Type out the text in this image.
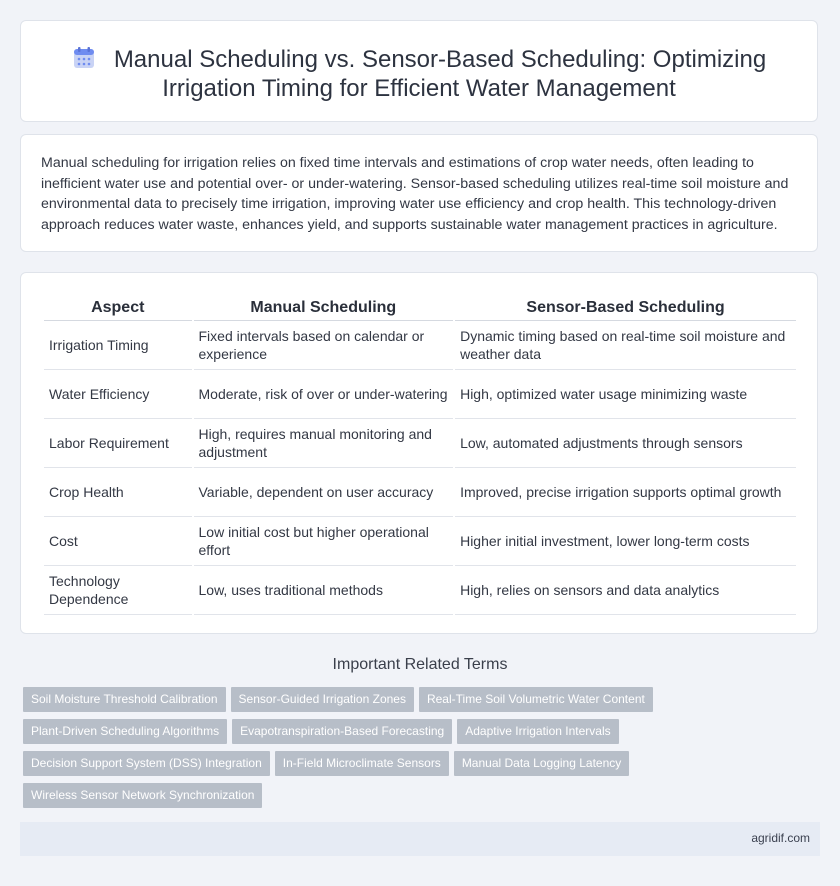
Manual Scheduling vs. Sensor-Based Scheduling: Optimizing
Irrigation Timing for Efficient Water Management
Manual scheduling for irrigation relies on fixed time intervals and estimations of crop water needs, often leading to inefficient water use and potential over- or under-watering. Sensor-based scheduling utilizes real-time soil moisture and environmental data to precisely time irrigation, improving water use efficiency and crop health. This technology-driven approach reduces water waste, enhances yield, and supports sustainable water management practices in agriculture.
Aspect	Manual Scheduling	Sensor-Based Scheduling
Irrigation Timing	Fixed intervals based on calendar or experience	Dynamic timing based on real-time soil moisture and weather data
Water Efficiency	Moderate, risk of over or under-watering	High, optimized water usage minimizing waste
Labor Requirement	High, requires manual monitoring and adjustment	Low, automated adjustments through sensors
Crop Health	Variable, dependent on user accuracy	Improved, precise irrigation supports optimal growth
Cost	Low initial cost but higher operational effort	Higher initial investment, lower long-term costs
Technology Dependence	Low, uses traditional methods	High, relies on sensors and data analytics
Important Related Terms
Soil Moisture Threshold Calibration Sensor-Guided Irrigation Zones Real-Time Soil Volumetric Water Content
Plant-Driven Scheduling Algorithms Evapotranspiration-Based Forecasting Adaptive Irrigation Intervals
Decision Support System (DSS) Integration In-Field Microclimate Sensors Manual Data Logging Latency
Wireless Sensor Network Synchronization
agridif.com
